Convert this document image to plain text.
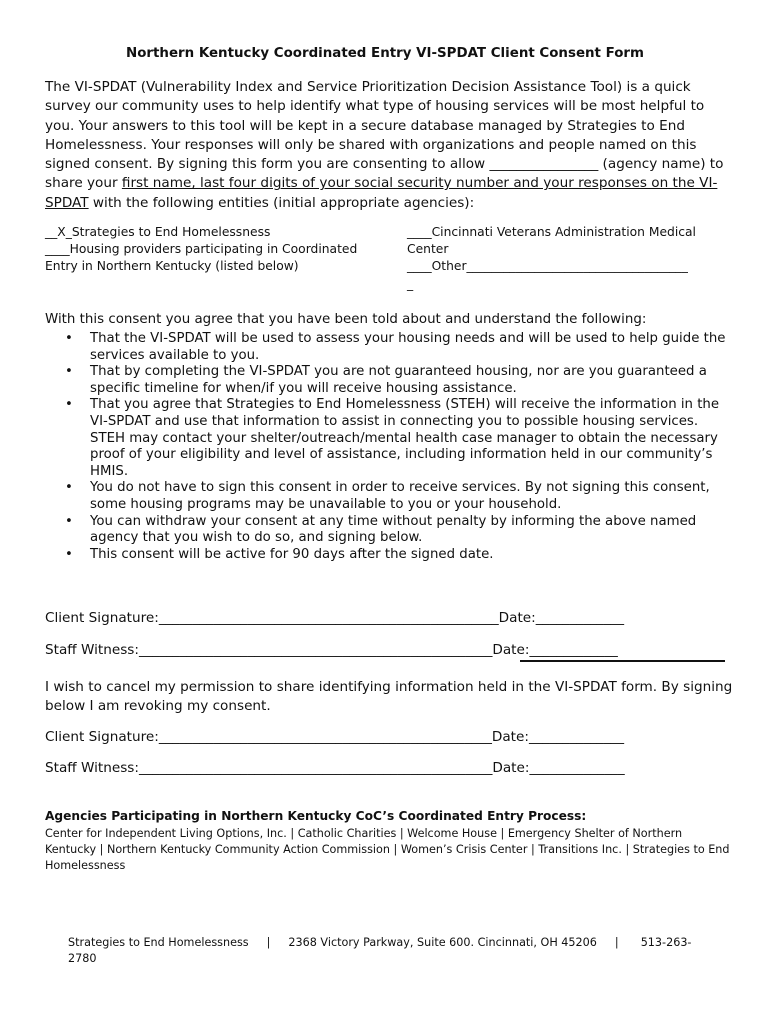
Northern Kentucky Coordinated Entry VI-SPDAT Client Consent Form
The VI-SPDAT (Vulnerability Index and Service Prioritization Decision Assistance Tool) is a quick survey our community uses to help identify what type of housing services will be most helpful to you. Your answers to this tool will be kept in a secure database managed by Strategies to End Homelessness. Your responses will only be shared with organizations and people named on this signed consent. By signing this form you are consenting to allow ________________ (agency name) to share your first name, last four digits of your social security number and your responses on the VI-SPDAT with the following entities (initial appropriate agencies):
__X_Strategies to End Homelessness
____Housing providers participating in Coordinated Entry in Northern Kentucky (listed below)
____Cincinnati Veterans Administration Medical Center
____Other____________________________________
_
With this consent you agree that you have been told about and understand the following:
• That the VI-SPDAT will be used to assess your housing needs and will be used to help guide the services available to you.
• That by completing the VI-SPDAT you are not guaranteed housing, nor are you guaranteed a specific timeline for when/if you will receive housing assistance.
• That you agree that Strategies to End Homelessness (STEH) will receive the information in the VI-SPDAT and use that information to assist in connecting you to possible housing services. STEH may contact your shelter/outreach/mental health case manager to obtain the necessary proof of your eligibility and level of assistance, including information held in our community’s HMIS.
• You do not have to sign this consent in order to receive services. By not signing this consent, some housing programs may be unavailable to you or your household.
• You can withdraw your consent at any time without penalty by informing the above named agency that you wish to do so, and signing below.
• This consent will be active for 90 days after the signed date.
Client Signature:__________________________________________________Date:_____________
Staff Witness:____________________________________________________Date:_____________
I wish to cancel my permission to share identifying information held in the VI-SPDAT form. By signing below I am revoking my consent.
Client Signature:_________________________________________________Date:______________
Staff Witness:____________________________________________________Date:______________
Agencies Participating in Northern Kentucky CoC’s Coordinated Entry Process:
Center for Independent Living Options, Inc. | Catholic Charities | Welcome House | Emergency Shelter of Northern Kentucky | Northern Kentucky Community Action Commission | Women’s Crisis Center | Transitions Inc. | Strategies to End Homelessness
Strategies to End Homelessness | 2368 Victory Parkway, Suite 600. Cincinnati, OH 45206 | 513-263-2780
